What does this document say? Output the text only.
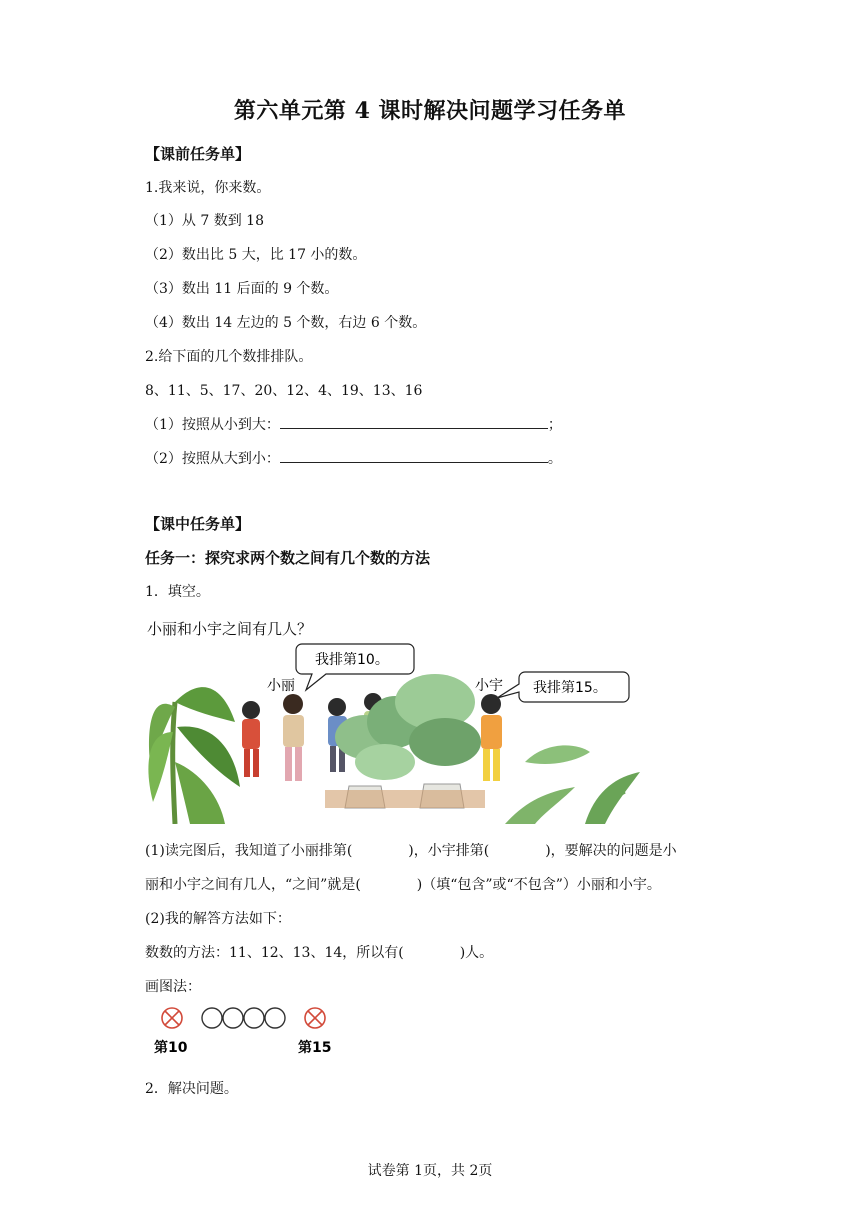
第六单元第 4 课时解决问题学习任务单
【课前任务单】
1.我来说，你来数。
（1）从 7 数到 18
（2）数出比 5 大，比 17 小的数。
（3）数出 11 后面的 9 个数。
（4）数出 14 左边的 5 个数，右边 6 个数。
2.给下面的几个数排排队。
8、11、5、17、20、12、4、19、13、16
（1）按照从小到大：	；
（2）按照从大到小：	。
【课中任务单】
任务一：探究求两个数之间有几个数的方法
1．填空。
小丽和小宇之间有几人？
我排第10。
小丽	我排第15。
小宇
(1)读完图后，我知道了小丽排第(　　　　)，小宇排第(　　　　)，要解决的问题是小
丽和小宇之间有几人，“之间”就是(　　　　)（填“包含”或“不包含”）小丽和小宇。
(2)我的解答方法如下：
数数的方法：11、12、13、14，所以有(　　　　)人。
画图法：
第10	第15
2．解决问题。
试卷第 1页，共 2页
